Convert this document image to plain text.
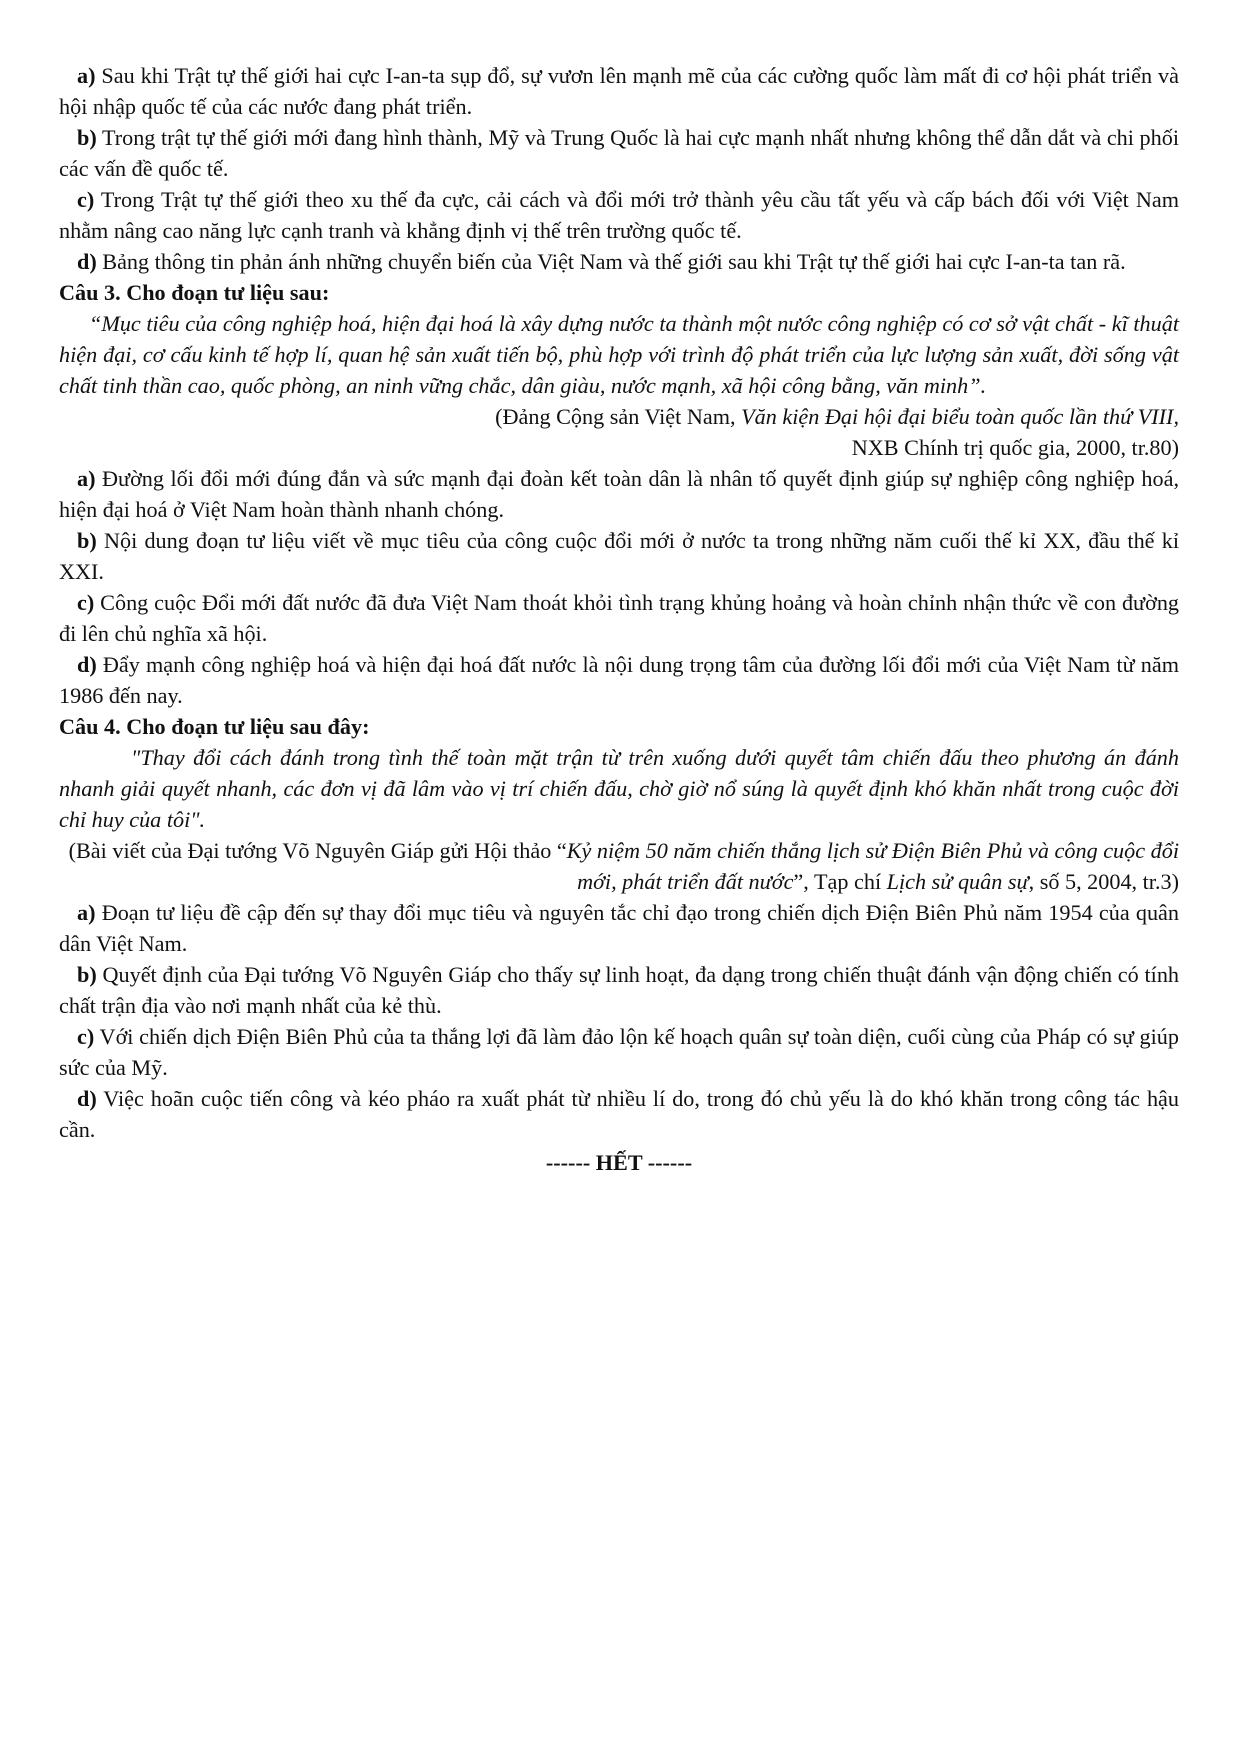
a) Sau khi Trật tự thế giới hai cực I-an-ta sụp đổ, sự vươn lên mạnh mẽ của các cường quốc làm mất đi cơ hội phát triển và hội nhập quốc tế của các nước đang phát triển.

b) Trong trật tự thế giới mới đang hình thành, Mỹ và Trung Quốc là hai cực mạnh nhất nhưng không thể dẫn dắt và chi phối các vấn đề quốc tế.

c) Trong Trật tự thế giới theo xu thế đa cực, cải cách và đổi mới trở thành yêu cầu tất yếu và cấp bách đối với Việt Nam nhằm nâng cao năng lực cạnh tranh và khẳng định vị thế trên trường quốc tế.

d) Bảng thông tin phản ánh những chuyển biến của Việt Nam và thế giới sau khi Trật tự thế giới hai cực I-an-ta tan rã.

Câu 3. Cho đoạn tư liệu sau:

“Mục tiêu của công nghiệp hoá, hiện đại hoá là xây dựng nước ta thành một nước công nghiệp có cơ sở vật chất - kĩ thuật hiện đại, cơ cấu kinh tế hợp lí, quan hệ sản xuất tiến bộ, phù hợp với trình độ phát triển của lực lượng sản xuất, đời sống vật chất tinh thần cao, quốc phòng, an ninh vững chắc, dân giàu, nước mạnh, xã hội công bằng, văn minh”.

(Đảng Cộng sản Việt Nam, Văn kiện Đại hội đại biểu toàn quốc lần thứ VIII,
NXB Chính trị quốc gia, 2000, tr.80)

a) Đường lối đổi mới đúng đắn và sức mạnh đại đoàn kết toàn dân là nhân tố quyết định giúp sự nghiệp công nghiệp hoá, hiện đại hoá ở Việt Nam hoàn thành nhanh chóng.

b) Nội dung đoạn tư liệu viết về mục tiêu của công cuộc đổi mới ở nước ta trong những năm cuối thế kỉ XX, đầu thế kỉ XXI.

c) Công cuộc Đổi mới đất nước đã đưa Việt Nam thoát khỏi tình trạng khủng hoảng và hoàn chỉnh nhận thức về con đường đi lên chủ nghĩa xã hội.

d) Đẩy mạnh công nghiệp hoá và hiện đại hoá đất nước là nội dung trọng tâm của đường lối đổi mới của Việt Nam từ năm 1986 đến nay.

Câu 4. Cho đoạn tư liệu sau đây:

"Thay đổi cách đánh trong tình thế toàn mặt trận từ trên xuống dưới quyết tâm chiến đấu theo phương án đánh nhanh giải quyết nhanh, các đơn vị đã lâm vào vị trí chiến đấu, chờ giờ nổ súng là quyết định khó khăn nhất trong cuộc đời chỉ huy của tôi".

(Bài viết của Đại tướng Võ Nguyên Giáp gửi Hội thảo “Kỷ niệm 50 năm chiến thắng lịch sử Điện Biên Phủ và công cuộc đổi mới, phát triển đất nước”, Tạp chí Lịch sử quân sự, số 5, 2004, tr.3)

a) Đoạn tư liệu đề cập đến sự thay đổi mục tiêu và nguyên tắc chỉ đạo trong chiến dịch Điện Biên Phủ năm 1954 của quân dân Việt Nam.

b) Quyết định của Đại tướng Võ Nguyên Giáp cho thấy sự linh hoạt, đa dạng trong chiến thuật đánh vận động chiến có tính chất trận địa vào nơi mạnh nhất của kẻ thù.

c) Với chiến dịch Điện Biên Phủ của ta thắng lợi đã làm đảo lộn kế hoạch quân sự toàn diện, cuối cùng của Pháp có sự giúp sức của Mỹ.

d) Việc hoãn cuộc tiến công và kéo pháo ra xuất phát từ nhiều lí do, trong đó chủ yếu là do khó khăn trong công tác hậu cần.

------ HẾT ------
